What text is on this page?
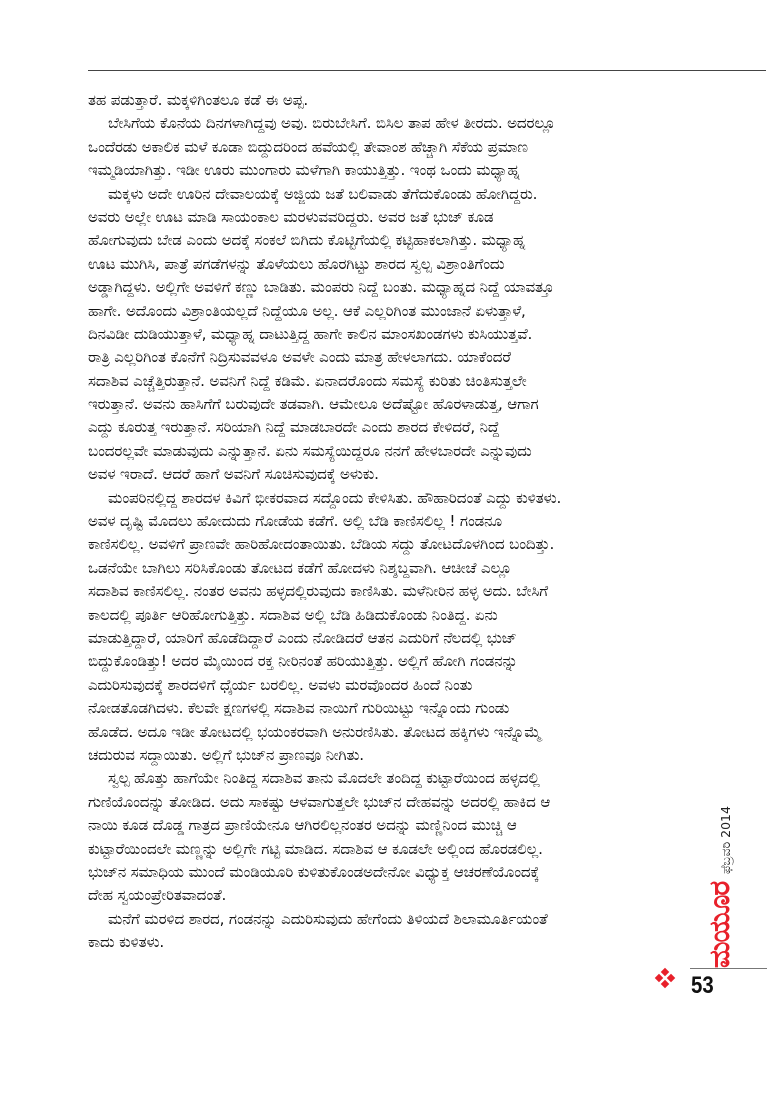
ತಹ ಪಡುತ್ತಾರೆ. ಮಕ್ಕಳಿಗಿಂತಲೂ ಕಡೆ ಈ ಅಪ್ಪ.
ಬೇಸಿಗೆಯ ಕೊನೆಯ ದಿನಗಳಾಗಿದ್ದವು ಅವು. ಬಿರುಬೇಸಿಗೆ. ಬಿಸಿಲ ತಾಪ ಹೇಳ ತೀರದು. ಅದರಲ್ಲೂ
ಒಂದೆರಡು ಅಕಾಲಿಕ ಮಳೆ ಕೂಡಾ ಬಿದ್ದುದರಿಂದ ಹವೆಯಲ್ಲಿ ತೇವಾಂಶ ಹೆಚ್ಚಾಗಿ ಸೆಕೆಯ ಪ್ರಮಾಣ
ಇಮ್ಮಡಿಯಾಗಿತ್ತು. ಇಡೀ ಊರು ಮುಂಗಾರು ಮಳೆಗಾಗಿ ಕಾಯುತ್ತಿತ್ತು. ಇಂಥ ಒಂದು ಮಧ್ಯಾಹ್ನ
ಮಕ್ಕಳು ಅದೇ ಊರಿನ ದೇವಾಲಯಕ್ಕೆ ಅಜ್ಜಿಯ ಜತೆ ಬಲಿವಾಡು ತೆಗೆದುಕೊಂಡು ಹೋಗಿದ್ದರು.
ಅವರು ಅಲ್ಲೇ ಊಟ ಮಾಡಿ ಸಾಯಂಕಾಲ ಮರಳುವವರಿದ್ದರು. ಅವರ ಜತೆ ಭುಜ್ ಕೂಡ
ಹೋಗುವುದು ಬೇಡ ಎಂದು ಅದಕ್ಕೆ ಸಂಕಲೆ ಬಿಗಿದು ಕೊಟ್ಟಿಗೆಯಲ್ಲಿ ಕಟ್ಟಿಹಾಕಲಾಗಿತ್ತು. ಮಧ್ಯಾಹ್ನ
ಊಟ ಮುಗಿಸಿ, ಪಾತ್ರೆ ಪಗಡೆಗಳನ್ನು ತೊಳೆಯಲು ಹೊರಗಿಟ್ಟು ಶಾರದ ಸ್ವಲ್ಪ ವಿಶ್ರಾಂತಿಗೆಂದು
ಅಡ್ಡಾಗಿದ್ದಳು. ಅಲ್ಲಿಗೇ ಅವಳಿಗೆ ಕಣ್ಣು ಬಾಡಿತು. ಮಂಪರು ನಿದ್ದೆ ಬಂತು. ಮಧ್ಯಾಹ್ನದ ನಿದ್ದೆ ಯಾವತ್ತೂ
ಹಾಗೇ. ಅದೊಂದು ವಿಶ್ರಾಂತಿಯಲ್ಲದೆ ನಿದ್ದೆಯೂ ಅಲ್ಲ. ಆಕೆ ಎಲ್ಲರಿಗಿಂತ ಮುಂಜಾನೆ ಏಳುತ್ತಾಳೆ,
ದಿನವಿಡೀ ದುಡಿಯುತ್ತಾಳೆ, ಮಧ್ಯಾಹ್ನ ದಾಟುತ್ತಿದ್ದ ಹಾಗೇ ಕಾಲಿನ ಮಾಂಸಖಂಡಗಳು ಕುಸಿಯುತ್ತವೆ.
ರಾತ್ರಿ ಎಲ್ಲರಿಗಿಂತ ಕೊನೆಗೆ ನಿದ್ರಿಸುವವಳೂ ಅವಳೇ ಎಂದು ಮಾತ್ರ ಹೇಳಲಾಗದು. ಯಾಕೆಂದರೆ
ಸದಾಶಿವ ಎಚ್ಚೆತ್ತಿರುತ್ತಾನೆ. ಅವನಿಗೆ ನಿದ್ದೆ ಕಡಿಮೆ. ಏನಾದರೊಂದು ಸಮಸ್ಯೆ ಕುರಿತು ಚಿಂತಿಸುತ್ತಲೇ
ಇರುತ್ತಾನೆ. ಅವನು ಹಾಸಿಗೆಗೆ ಬರುವುದೇ ತಡವಾಗಿ. ಆಮೇಲೂ ಅದೆಷ್ಟೋ ಹೊರಳಾಡುತ್ತ, ಆಗಾಗ
ಎದ್ದು ಕೂರುತ್ತ ಇರುತ್ತಾನೆ. ಸರಿಯಾಗಿ ನಿದ್ದೆ ಮಾಡಬಾರದೇ ಎಂದು ಶಾರದ ಕೇಳಿದರೆ, ನಿದ್ದೆ
ಬಂದರಲ್ಲವೇ ಮಾಡುವುದು ಎನ್ನುತ್ತಾನೆ. ಏನು ಸಮಸ್ಯೆಯಿದ್ದರೂ ನನಗೆ ಹೇಳಬಾರದೇ ಎನ್ನುವುದು
ಅವಳ ಇರಾದೆ. ಆದರೆ ಹಾಗೆ ಅವನಿಗೆ ಸೂಚಿಸುವುದಕ್ಕೆ ಅಳುಕು.
ಮಂಪರಿನಲ್ಲಿದ್ದ ಶಾರದಳ ಕಿವಿಗೆ ಭೀಕರವಾದ ಸದ್ದೊಂದು ಕೇಳಿಸಿತು. ಹೌಹಾರಿದಂತೆ ಎದ್ದು ಕುಳಿತಳು.
ಅವಳ ದೃಷ್ಟಿ ಮೊದಲು ಹೋದುದು ಗೋಡೆಯ ಕಡೆಗೆ. ಅಲ್ಲಿ ಬೆಡಿ ಕಾಣಿಸಲಿಲ್ಲ ! ಗಂಡನೂ
ಕಾಣಿಸಲಿಲ್ಲ. ಅವಳಿಗೆ ಪ್ರಾಣವೇ ಹಾರಿಹೋದಂತಾಯಿತು. ಬೆಡಿಯ ಸದ್ದು ತೋಟದೊಳಗಿಂದ ಬಂದಿತ್ತು.
ಒಡನೆಯೇ ಬಾಗಿಲು ಸರಿಸಿಕೊಂಡು ತೋಟದ ಕಡೆಗೆ ಹೋದಳು ನಿಶ್ಶಬ್ದವಾಗಿ. ಆಚೀಚೆ ಎಲ್ಲೂ
ಸದಾಶಿವ ಕಾಣಿಸಲಿಲ್ಲ. ನಂತರ ಅವನು ಹಳ್ಳದಲ್ಲಿರುವುದು ಕಾಣಿಸಿತು. ಮಳೆನೀರಿನ ಹಳ್ಳ ಅದು. ಬೇಸಿಗೆ
ಕಾಲದಲ್ಲಿ ಪೂರ್ತಿ ಆರಿಹೋಗುತ್ತಿತ್ತು. ಸದಾಶಿವ ಅಲ್ಲಿ ಬೆಡಿ ಹಿಡಿದುಕೊಂಡು ನಿಂತಿದ್ದ. ಏನು
ಮಾಡುತ್ತಿದ್ದಾರೆ, ಯಾರಿಗೆ ಹೊಡೆದಿದ್ದಾರೆ ಎಂದು ನೋಡಿದರೆ ಆತನ ಎದುರಿಗೆ ನೆಲದಲ್ಲಿ ಭುಜ್
ಬಿದ್ದುಕೊಂಡಿತ್ತು! ಅದರ ಮೈಯಿಂದ ರಕ್ತ ನೀರಿನಂತೆ ಹರಿಯುತ್ತಿತ್ತು. ಅಲ್ಲಿಗೆ ಹೋಗಿ ಗಂಡನನ್ನು
ಎದುರಿಸುವುದಕ್ಕೆ ಶಾರದಳಿಗೆ ಧೈರ್ಯ ಬರಲಿಲ್ಲ. ಅವಳು ಮರವೊಂದರ ಹಿಂದೆ ನಿಂತು
ನೋಡತೊಡಗಿದಳು. ಕೆಲವೇ ಕ್ಷಣಗಳಲ್ಲಿ ಸದಾಶಿವ ನಾಯಿಗೆ ಗುರಿಯಿಟ್ಟು ಇನ್ನೊಂದು ಗುಂಡು
ಹೊಡೆದ. ಅದೂ ಇಡೀ ತೋಟದಲ್ಲಿ ಭಯಂಕರವಾಗಿ ಅನುರಣಿಸಿತು. ತೋಟದ ಹಕ್ಕಿಗಳು ಇನ್ನೊಮ್ಮೆ
ಚದುರುವ ಸದ್ದಾಯಿತು. ಅಲ್ಲಿಗೆ ಭುಜ್‌ನ ಪ್ರಾಣವೂ ನೀಗಿತು.
ಸ್ವಲ್ಪ ಹೊತ್ತು ಹಾಗೆಯೇ ನಿಂತಿದ್ದ ಸದಾಶಿವ ತಾನು ಮೊದಲೇ ತಂದಿದ್ದ ಕುಟ್ಟಾರೆಯಿಂದ ಹಳ್ಳದಲ್ಲಿ
ಗುಣಿಯೊಂದನ್ನು ತೋಡಿದ. ಅದು ಸಾಕಷ್ಟು ಆಳವಾಗುತ್ತಲೇ ಭುಜ್‌ನ ದೇಹವನ್ನು ಅದರಲ್ಲಿ ಹಾಕಿದ ಆ
ನಾಯಿ ಕೂಡ ದೊಡ್ಡ ಗಾತ್ರದ ಪ್ರಾಣಿಯೇನೂ ಆಗಿರಲಿಲ್ಲನಂತರ ಅದನ್ನು ಮಣ್ಣಿನಿಂದ ಮುಚ್ಚಿ ಆ
ಕುಟ್ಟಾರೆಯಿಂದಲೇ ಮಣ್ಣನ್ನು ಅಲ್ಲಿಗೇ ಗಟ್ಟಿ ಮಾಡಿದ. ಸದಾಶಿವ ಆ ಕೂಡಲೇ ಅಲ್ಲಿಂದ ಹೊರಡಲಿಲ್ಲ.
ಭುಜ್‌ನ ಸಮಾಧಿಯ ಮುಂದೆ ಮಂಡಿಯೂರಿ ಕುಳಿತುಕೊಂಡಅದೇನೋ ವಿಧ್ಯುಕ್ತ ಆಚರಣೆಯೊಂದಕ್ಕೆ
ದೇಹ ಸ್ವಯಂಪ್ರೇರಿತವಾದಂತೆ.
ಮನೆಗೆ ಮರಳಿದ ಶಾರದ, ಗಂಡನನ್ನು ಎದುರಿಸುವುದು ಹೇಗೆಂದು ತಿಳಿಯದೆ ಶಿಲಾಮೂರ್ತಿಯಂತೆ
ಕಾದು ಕುಳಿತಳು.
ಫೆಬ್ರವರಿ 2014
ಮಯೂರ
53
